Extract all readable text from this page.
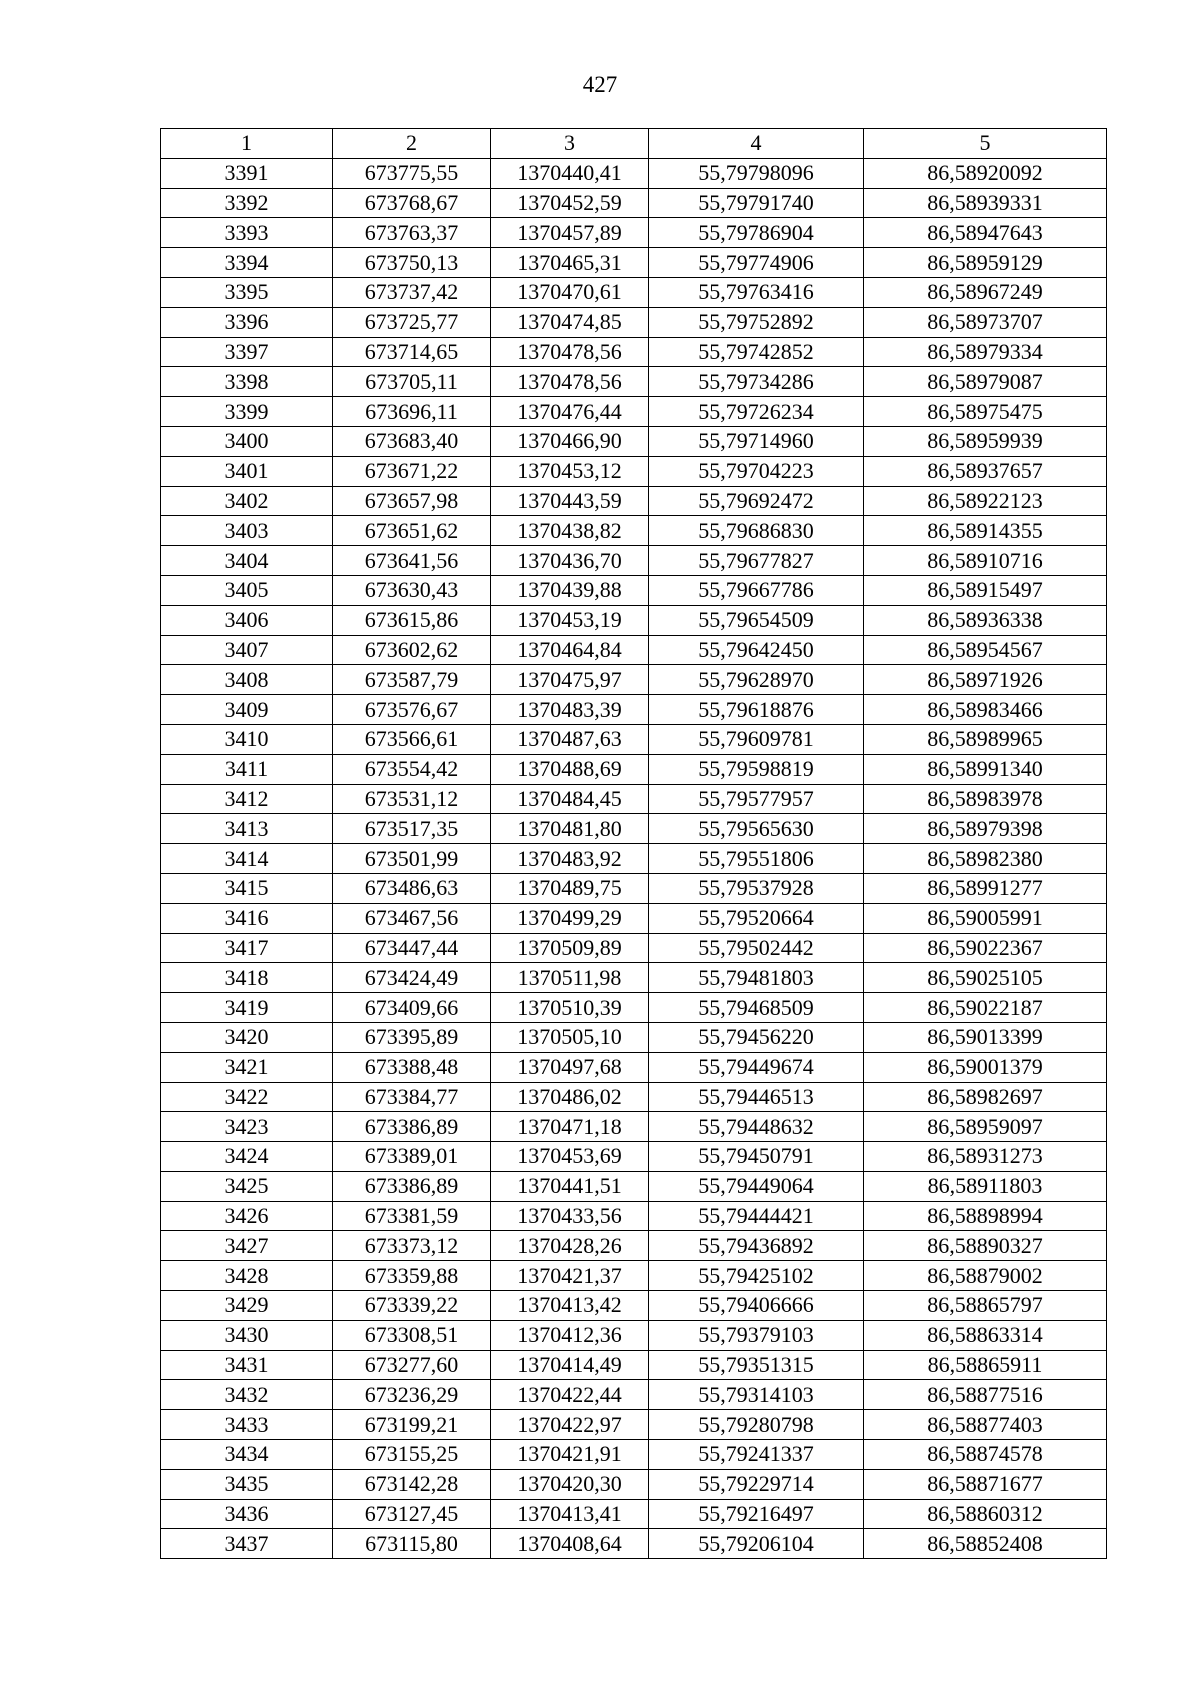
427
1	2	3	4	5
3391	673775,55	1370440,41	55,79798096	86,58920092
3392	673768,67	1370452,59	55,79791740	86,58939331
3393	673763,37	1370457,89	55,79786904	86,58947643
3394	673750,13	1370465,31	55,79774906	86,58959129
3395	673737,42	1370470,61	55,79763416	86,58967249
3396	673725,77	1370474,85	55,79752892	86,58973707
3397	673714,65	1370478,56	55,79742852	86,58979334
3398	673705,11	1370478,56	55,79734286	86,58979087
3399	673696,11	1370476,44	55,79726234	86,58975475
3400	673683,40	1370466,90	55,79714960	86,58959939
3401	673671,22	1370453,12	55,79704223	86,58937657
3402	673657,98	1370443,59	55,79692472	86,58922123
3403	673651,62	1370438,82	55,79686830	86,58914355
3404	673641,56	1370436,70	55,79677827	86,58910716
3405	673630,43	1370439,88	55,79667786	86,58915497
3406	673615,86	1370453,19	55,79654509	86,58936338
3407	673602,62	1370464,84	55,79642450	86,58954567
3408	673587,79	1370475,97	55,79628970	86,58971926
3409	673576,67	1370483,39	55,79618876	86,58983466
3410	673566,61	1370487,63	55,79609781	86,58989965
3411	673554,42	1370488,69	55,79598819	86,58991340
3412	673531,12	1370484,45	55,79577957	86,58983978
3413	673517,35	1370481,80	55,79565630	86,58979398
3414	673501,99	1370483,92	55,79551806	86,58982380
3415	673486,63	1370489,75	55,79537928	86,58991277
3416	673467,56	1370499,29	55,79520664	86,59005991
3417	673447,44	1370509,89	55,79502442	86,59022367
3418	673424,49	1370511,98	55,79481803	86,59025105
3419	673409,66	1370510,39	55,79468509	86,59022187
3420	673395,89	1370505,10	55,79456220	86,59013399
3421	673388,48	1370497,68	55,79449674	86,59001379
3422	673384,77	1370486,02	55,79446513	86,58982697
3423	673386,89	1370471,18	55,79448632	86,58959097
3424	673389,01	1370453,69	55,79450791	86,58931273
3425	673386,89	1370441,51	55,79449064	86,58911803
3426	673381,59	1370433,56	55,79444421	86,58898994
3427	673373,12	1370428,26	55,79436892	86,58890327
3428	673359,88	1370421,37	55,79425102	86,58879002
3429	673339,22	1370413,42	55,79406666	86,58865797
3430	673308,51	1370412,36	55,79379103	86,58863314
3431	673277,60	1370414,49	55,79351315	86,58865911
3432	673236,29	1370422,44	55,79314103	86,58877516
3433	673199,21	1370422,97	55,79280798	86,58877403
3434	673155,25	1370421,91	55,79241337	86,58874578
3435	673142,28	1370420,30	55,79229714	86,58871677
3436	673127,45	1370413,41	55,79216497	86,58860312
3437	673115,80	1370408,64	55,79206104	86,58852408
